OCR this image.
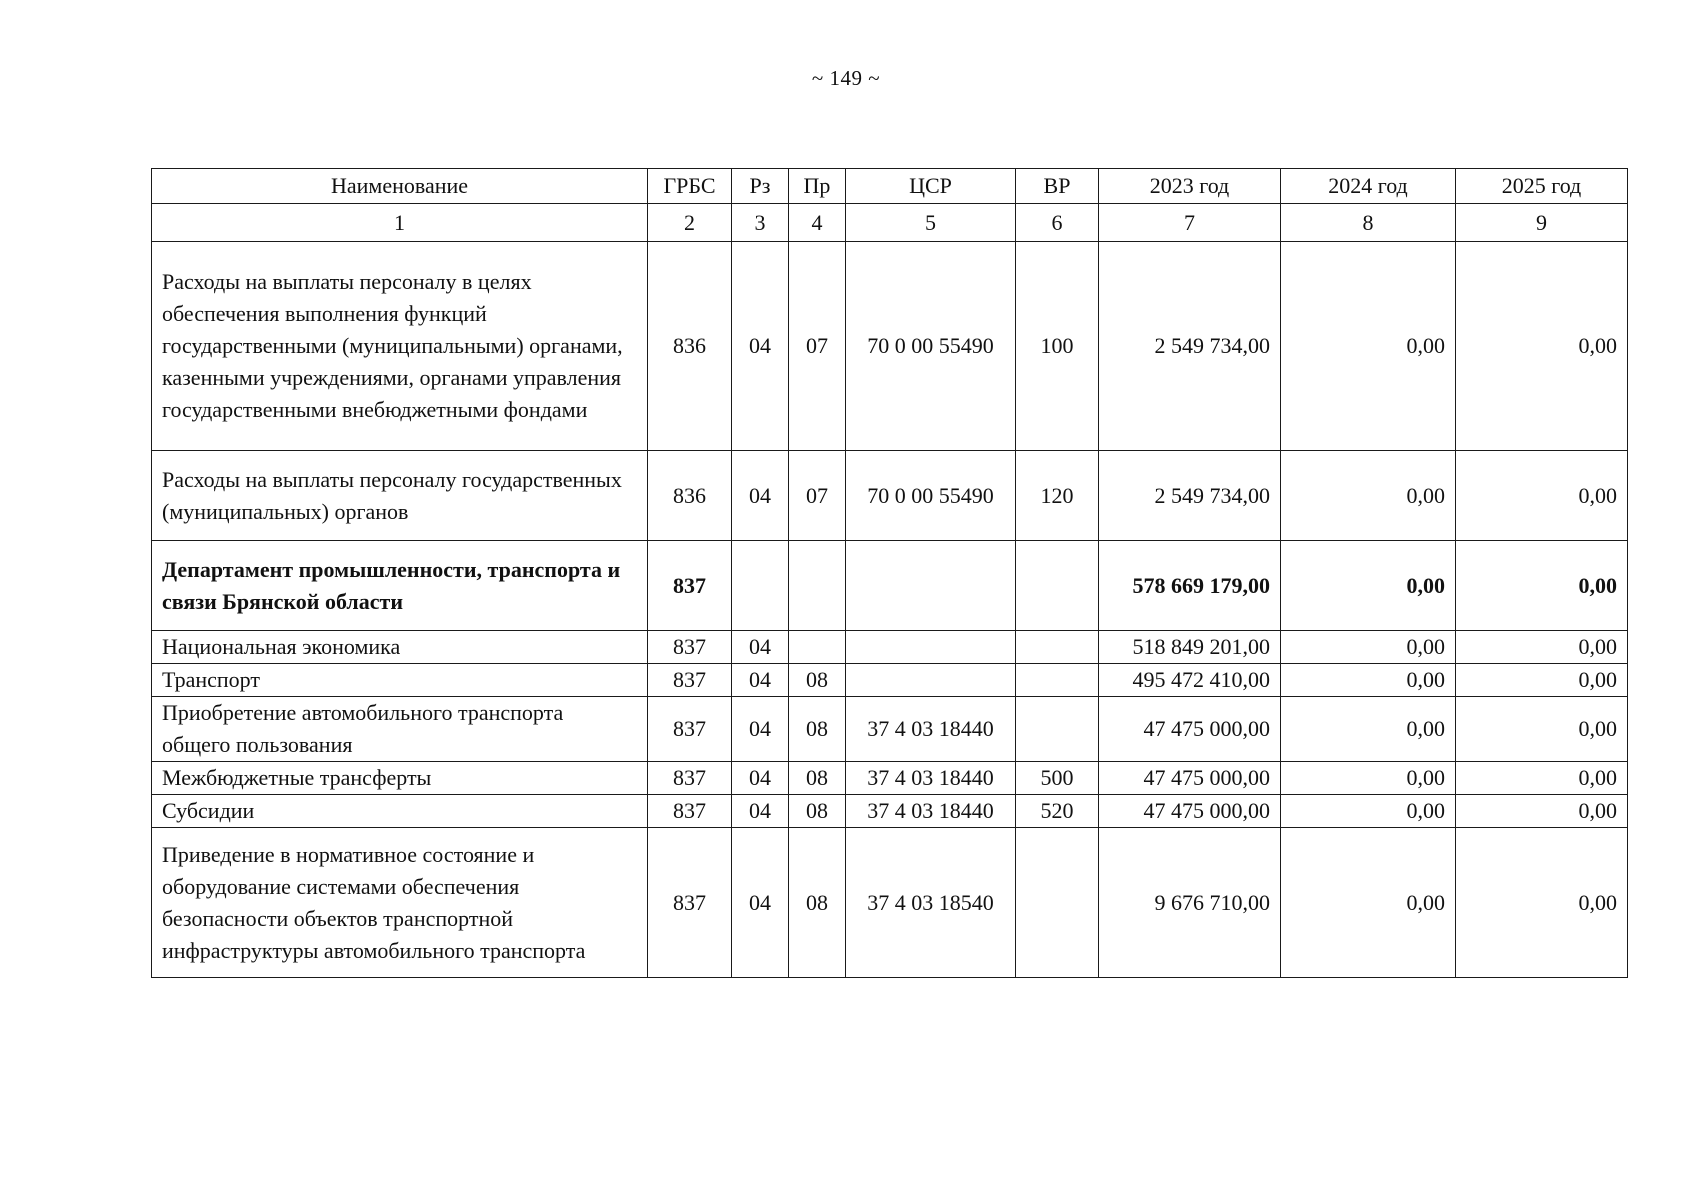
~ 149 ~
Наименование	ГРБС	Рз	Пр	ЦСР	ВР	2023 год	2024 год	2025 год
1	2	3	4	5	6	7	8	9
Расходы на выплаты персоналу в целях обеспечения выполнения функций государственными (муниципальными) органами, казенными учреждениями, органами управления государственными внебюджетными фондами	836	04	07	70 0 00 55490	100	2 549 734,00	0,00	0,00
Расходы на выплаты персоналу государственных (муниципальных) органов	836	04	07	70 0 00 55490	120	2 549 734,00	0,00	0,00
Департамент промышленности, транспорта и связи Брянской области	837					578 669 179,00	0,00	0,00
Национальная экономика	837	04				518 849 201,00	0,00	0,00
Транспорт	837	04	08			495 472 410,00	0,00	0,00
Приобретение автомобильного транспорта общего пользования	837	04	08	37 4 03 18440		47 475 000,00	0,00	0,00
Межбюджетные трансферты	837	04	08	37 4 03 18440	500	47 475 000,00	0,00	0,00
Субсидии	837	04	08	37 4 03 18440	520	47 475 000,00	0,00	0,00
Приведение в нормативное состояние и оборудование системами обеспечения безопасности объектов транспортной инфраструктуры автомобильного транспорта	837	04	08	37 4 03 18540		9 676 710,00	0,00	0,00
